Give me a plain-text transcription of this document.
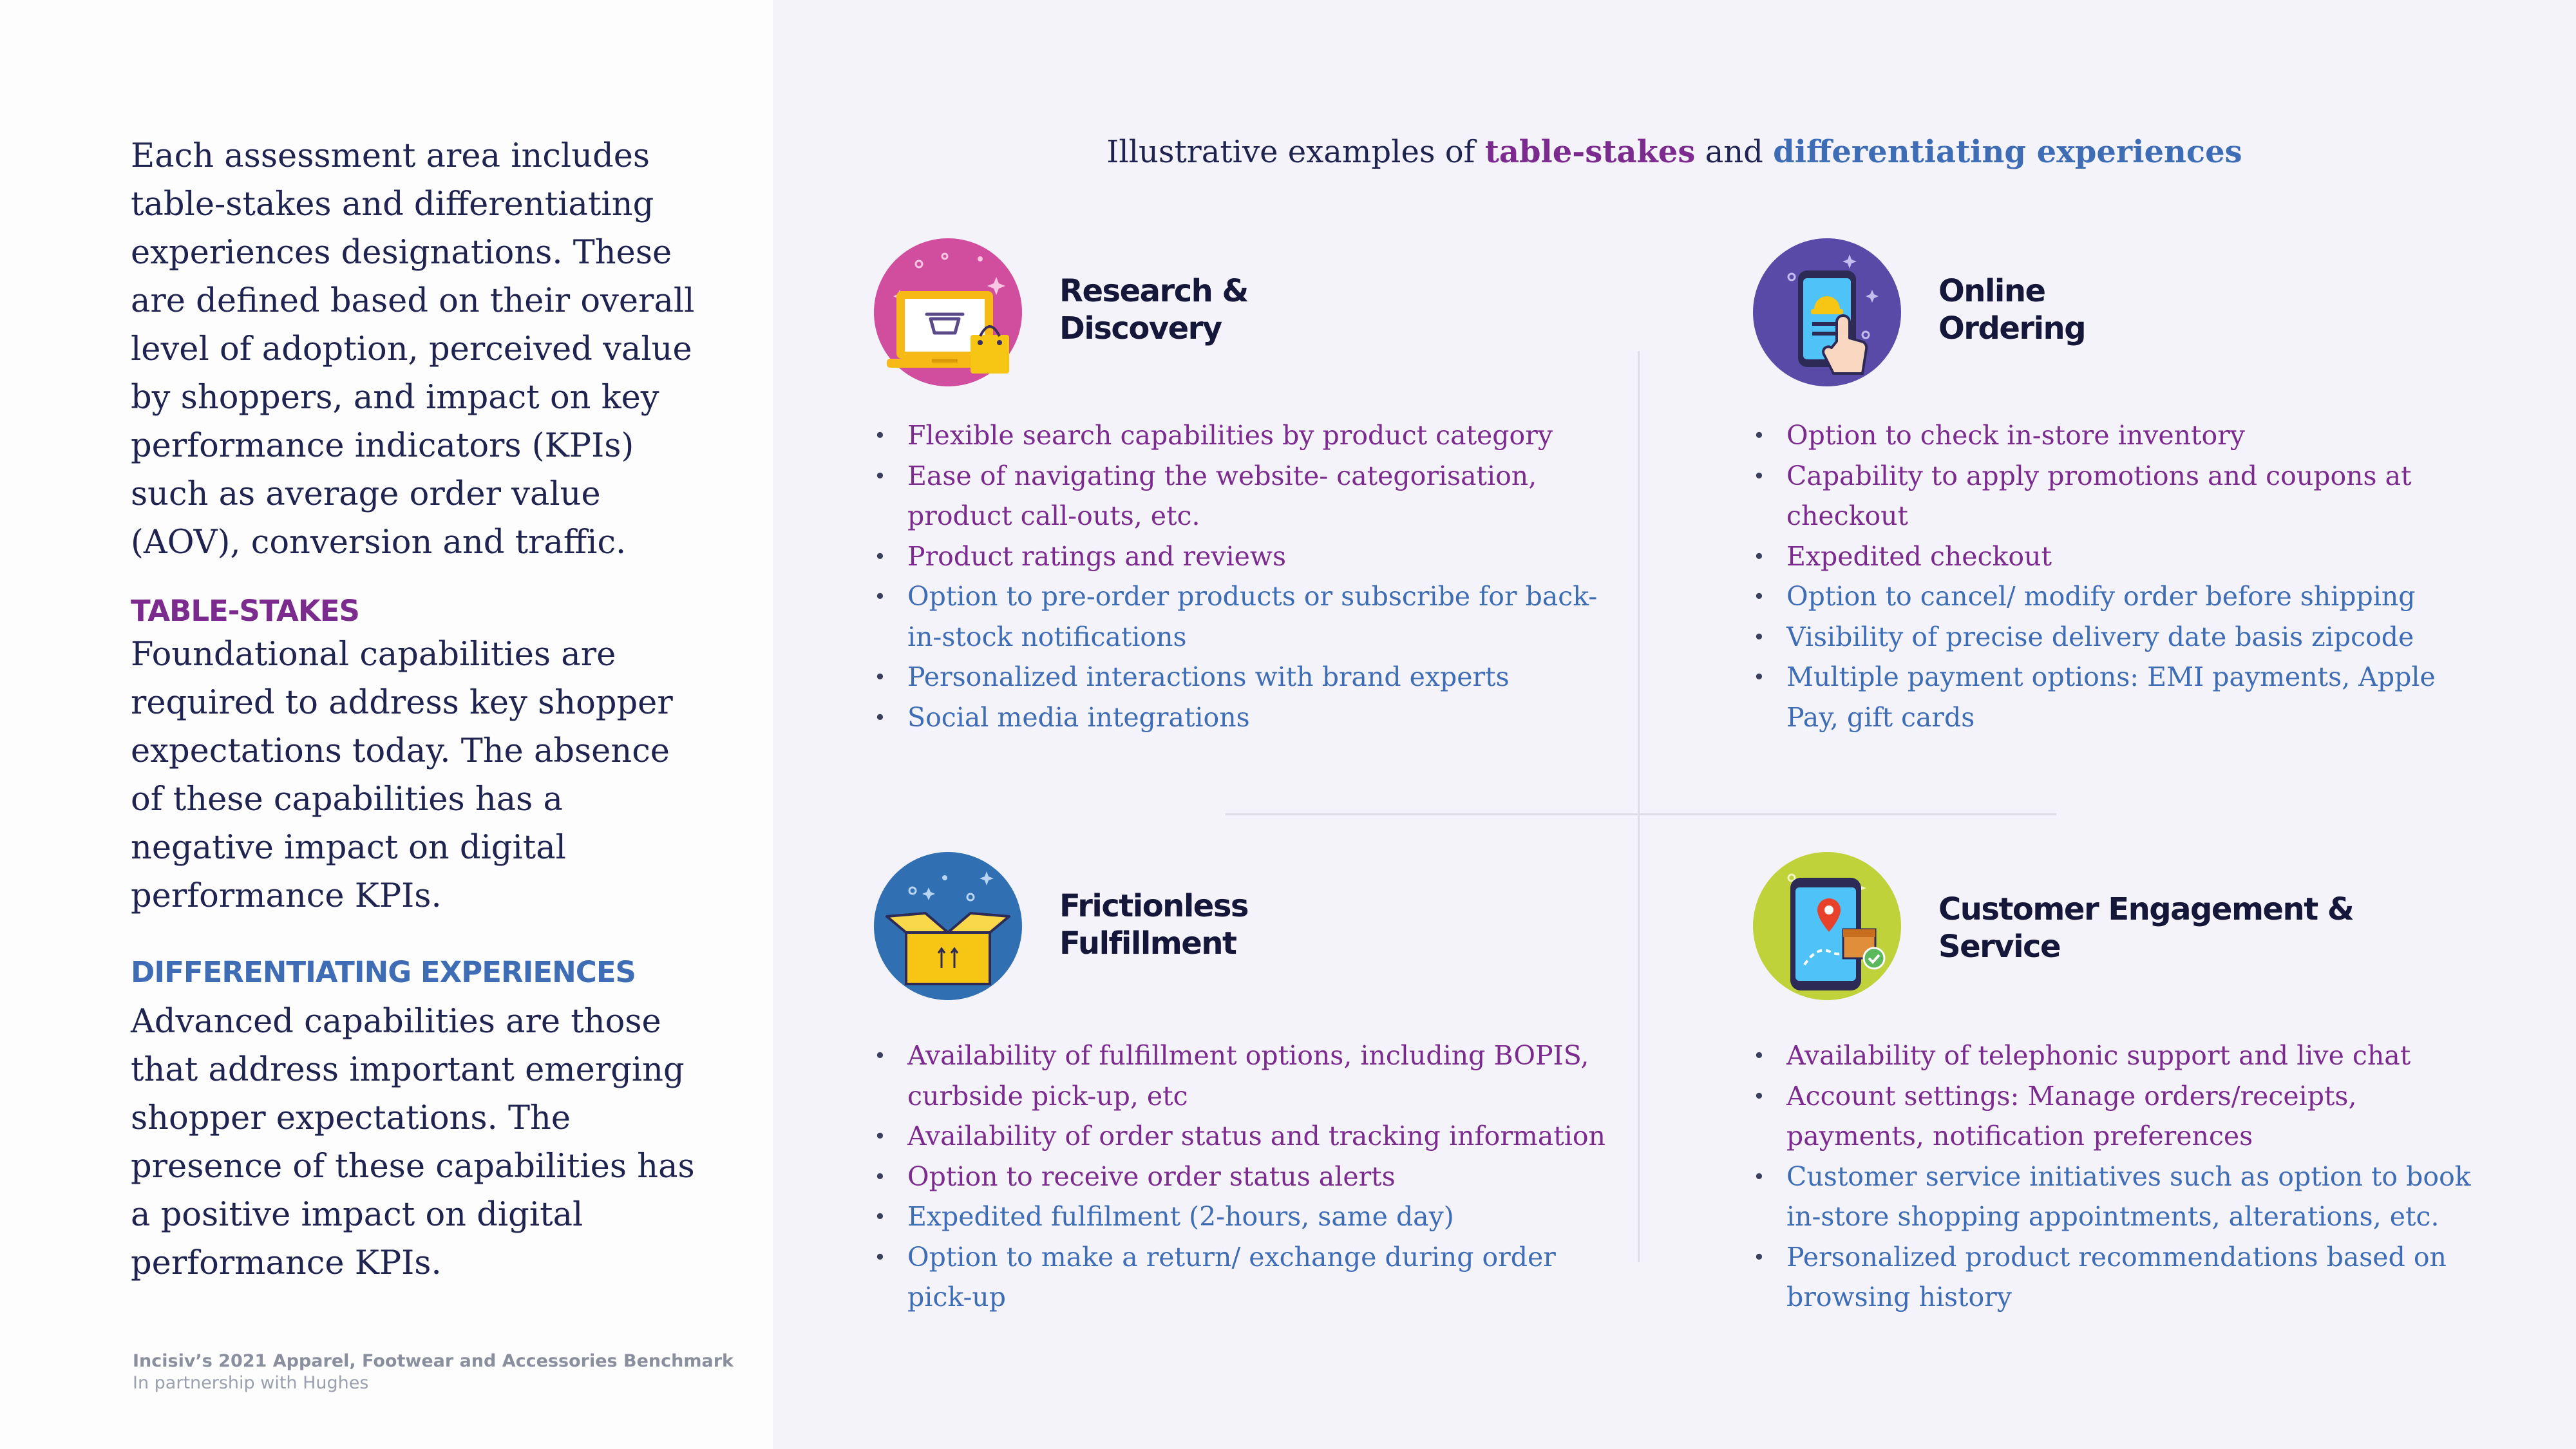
Each assessment area includes table-stakes and differentiating experiences designations. These are defined based on their overall level of adoption, perceived value by shoppers, and impact on key performance indicators (KPIs) such as average order value (AOV), conversion and traffic.

TABLE-STAKES

Foundational capabilities are required to address key shopper expectations today. The absence of these capabilities has a negative impact on digital performance KPIs.

DIFFERENTIATING EXPERIENCES

Advanced capabilities are those that address important emerging shopper expectations. The presence of these capabilities has a positive impact on digital performance KPIs.

Incisiv’s 2021 Apparel, Footwear and Accessories Benchmark

In partnership with Hughes

Illustrative examples of table-stakes and differentiating experiences

Research &
Discovery

• Flexible search capabilities by product category
• Ease of navigating the website- categorisation, product call-outs, etc.
• Product ratings and reviews
• Option to pre-order products or subscribe for back-in-stock notifications
• Personalized interactions with brand experts
• Social media integrations

Online
Ordering

• Option to check in-store inventory
• Capability to apply promotions and coupons at checkout
• Expedited checkout
• Option to cancel/ modify order before shipping
• Visibility of precise delivery date basis zipcode
• Multiple payment options: EMI payments, Apple Pay, gift cards

Frictionless
Fulfillment

• Availability of fulfillment options, including BOPIS, curbside pick-up, etc
• Availability of order status and tracking information
• Option to receive order status alerts
• Expedited fulfilment (2-hours, same day)
• Option to make a return/ exchange during order pick-up

Customer Engagement &
Service

• Availability of telephonic support and live chat
• Account settings: Manage orders/receipts, payments, notification preferences
• Customer service initiatives such as option to book in-store shopping appointments, alterations, etc.
• Personalized product recommendations based on browsing history
